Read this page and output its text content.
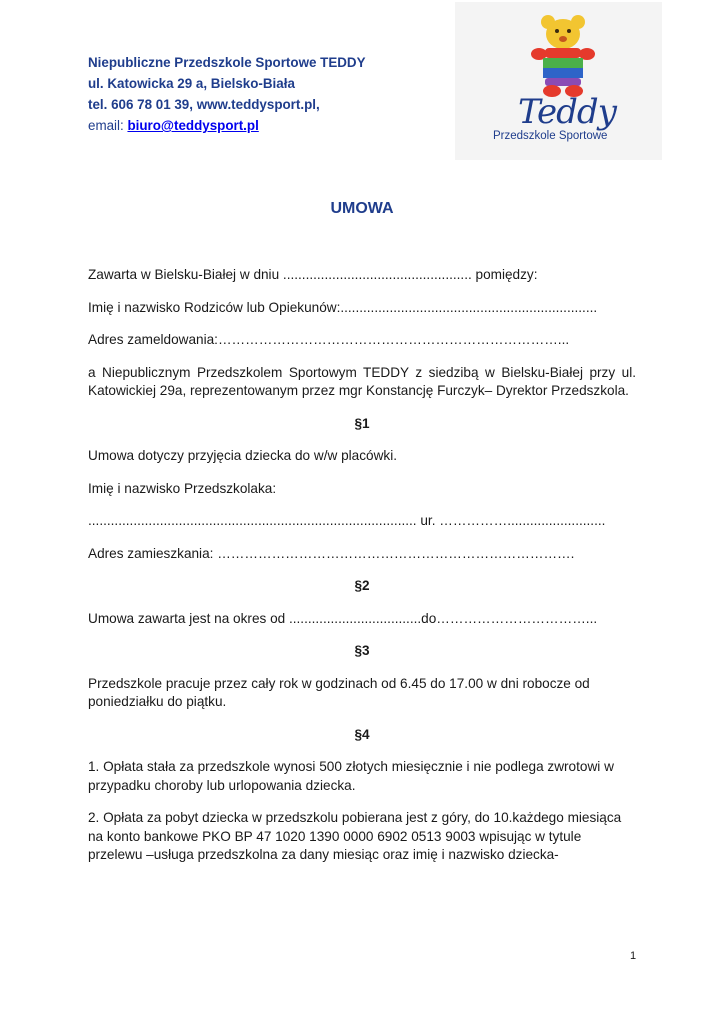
Niepubliczne Przedszkole Sportowe TEDDY
ul. Katowicka 29 a, Bielsko-Biała
tel. 606 78 01 39, www.teddysport.pl,
email: biuro@teddysport.pl	Teddy
Przedszkole Sportowe
UMOWA

Zawarta w Bielsku-Białej w dniu .................................................. pomiędzy:

Imię i nazwisko Rodziców lub Opiekunów:....................................................................

Adres zameldowania:…………………………………………………………………...

a Niepublicznym Przedszkolem Sportowym TEDDY z siedzibą w Bielsku-Białej przy ul. Katowickiej 29a, reprezentowanym przez mgr Konstancję Furczyk– Dyrektor Przedszkola.

§1

Umowa dotyczy przyjęcia dziecka do w/w placówki.

Imię i nazwisko Przedszkolaka:

....................................................................................... ur. ……………..........................

Adres zamieszkania: …………………………………………………………………….

§2

Umowa zawarta jest na okres od ...................................do……………………………...

§3

Przedszkole pracuje przez cały rok w godzinach od 6.45 do 17.00 w dni robocze od poniedziałku do piątku.

§4

1. Opłata stała za przedszkole wynosi 500 złotych miesięcznie i nie podlega zwrotowi w przypadku choroby lub urlopowania dziecka.

2. Opłata za pobyt dziecka w przedszkolu pobierana jest z góry, do 10.każdego miesiąca na konto bankowe PKO BP 47 1020 1390 0000 6902 0513 9003 wpisując w tytule przelewu –usługa przedszkolna za dany miesiąc oraz imię i nazwisko dziecka-

1
